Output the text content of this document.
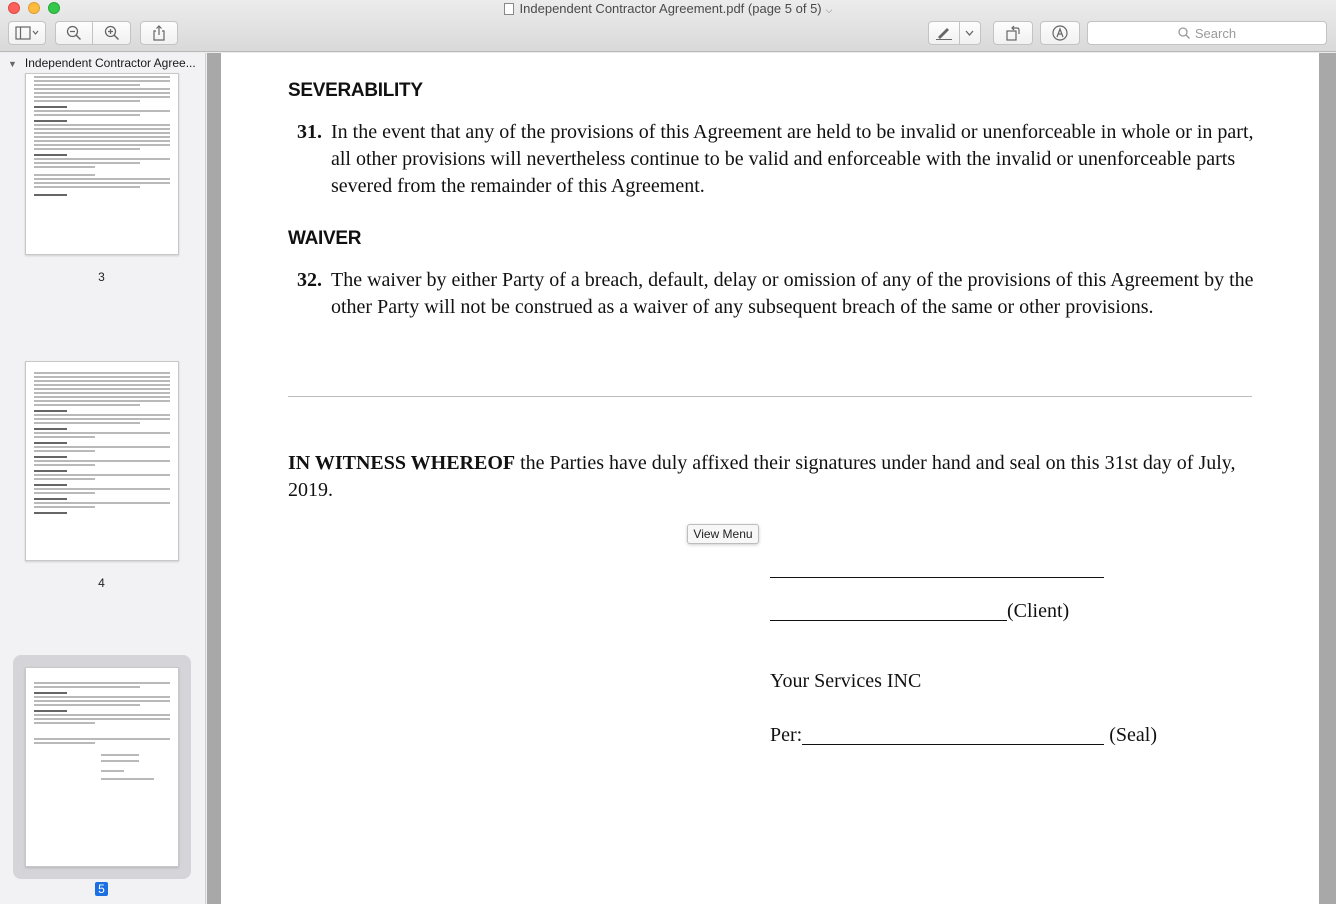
Independent Contractor Agreement.pdf (page 5 of 5) ⌵
Search
▼ Independent Contractor Agree...
3
4
5
SEVERABILITY
31. In the event that any of the provisions of this Agreement are held to be invalid or unenforceable in whole or in part, all other provisions will nevertheless continue to be valid and enforceable with the invalid or unenforceable parts severed from the remainder of this Agreement.
WAIVER
32. The waiver by either Party of a breach, default, delay or omission of any of the provisions of this Agreement by the other Party will not be construed as a waiver of any subsequent breach of the same or other provisions.
IN WITNESS WHEREOF the Parties have duly affixed their signatures under hand and seal on this 31st day of July, 2019.
(Client)
Your Services INC
Per:	(Seal)
View Menu
